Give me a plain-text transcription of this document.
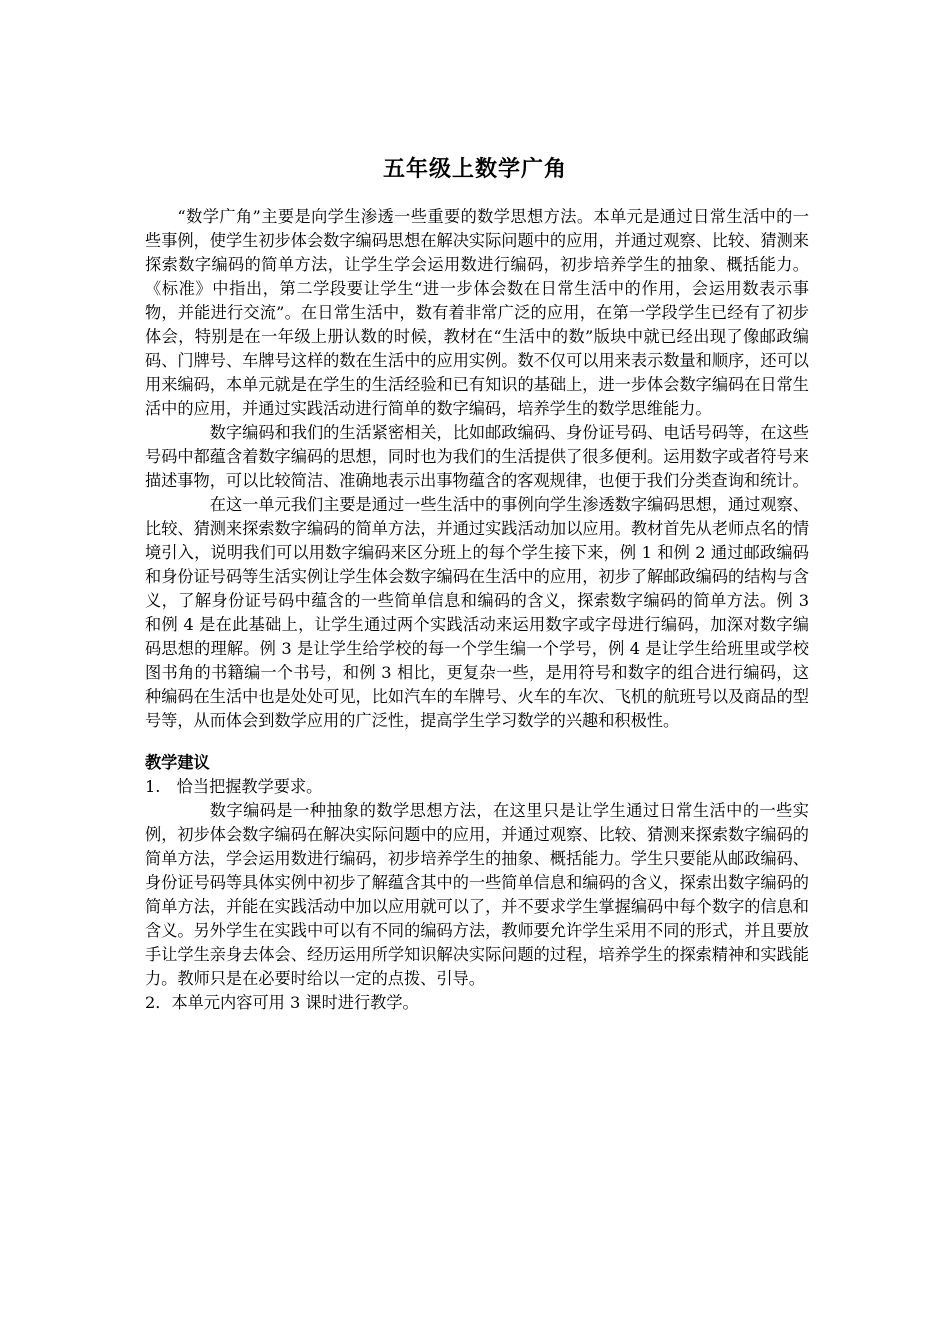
五年级上数学广角

“数学广角”主要是向学生渗透一些重要的数学思想方法。本单元是通过日常生活中的一些事例，使学生初步体会数字编码思想在解决实际问题中的应用，并通过观察、比较、猜测来探索数字编码的简单方法，让学生学会运用数进行编码，初步培养学生的抽象、概括能力。《标准》中指出，第二学段要让学生“进一步体会数在日常生活中的作用，会运用数表示事物，并能进行交流”。在日常生活中，数有着非常广泛的应用，在第一学段学生已经有了初步体会，特别是在一年级上册认数的时候，教材在“生活中的数”版块中就已经出现了像邮政编码、门牌号、车牌号这样的数在生活中的应用实例。数不仅可以用来表示数量和顺序，还可以用来编码，本单元就是在学生的生活经验和已有知识的基础上，进一步体会数字编码在日常生活中的应用，并通过实践活动进行简单的数字编码，培养学生的数学思维能力。

数字编码和我们的生活紧密相关，比如邮政编码、身份证号码、电话号码等，在这些号码中都蕴含着数字编码的思想，同时也为我们的生活提供了很多便利。运用数字或者符号来描述事物，可以比较简洁、准确地表示出事物蕴含的客观规律，也便于我们分类查询和统计。

在这一单元我们主要是通过一些生活中的事例向学生渗透数字编码思想，通过观察、比较、猜测来探索数字编码的简单方法，并通过实践活动加以应用。教材首先从老师点名的情境引入，说明我们可以用数字编码来区分班上的每个学生接下来，例 1 和例 2 通过邮政编码和身份证号码等生活实例让学生体会数字编码在生活中的应用，初步了解邮政编码的结构与含义，了解身份证号码中蕴含的一些简单信息和编码的含义，探索数字编码的简单方法。例 3 和例 4 是在此基础上，让学生通过两个实践活动来运用数字或字母进行编码，加深对数字编码思想的理解。例 3 是让学生给学校的每一个学生编一个学号，例 4 是让学生给班里或学校图书角的书籍编一个书号，和例 3 相比，更复杂一些，是用符号和数字的组合进行编码，这种编码在生活中也是处处可见，比如汽车的车牌号、火车的车次、飞机的航班号以及商品的型号等，从而体会到数学应用的广泛性，提高学生学习数学的兴趣和积极性。

教学建议

1.　恰当把握教学要求。

数字编码是一种抽象的数学思想方法，在这里只是让学生通过日常生活中的一些实例，初步体会数字编码在解决实际问题中的应用，并通过观察、比较、猜测来探索数字编码的简单方法，学会运用数进行编码，初步培养学生的抽象、概括能力。学生只要能从邮政编码、身份证号码等具体实例中初步了解蕴含其中的一些简单信息和编码的含义，探索出数字编码的简单方法，并能在实践活动中加以应用就可以了，并不要求学生掌握编码中每个数字的信息和含义。另外学生在实践中可以有不同的编码方法，教师要允许学生采用不同的形式，并且要放手让学生亲身去体会、经历运用所学知识解决实际问题的过程，培养学生的探索精神和实践能力。教师只是在必要时给以一定的点拨、引导。

2．本单元内容可用 3 课时进行教学。
